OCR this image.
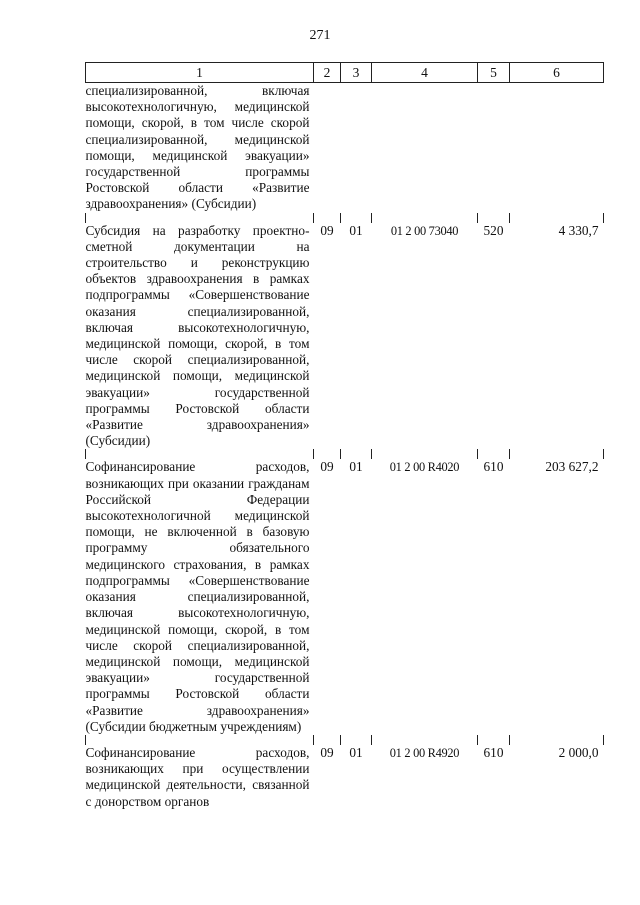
271
1	2	3	4	5	6
специализированной, включая высокотехнологичную, медицинской помощи, скорой, в том числе скорой специализированной, медицинской помощи, медицинской эвакуации» государственной программы Ростовской области «Развитие здравоохранения» (Субсидии)					

Субсидия на разработку проектно-сметной документации на строительство и реконструкцию объектов здравоохранения в рамках подпрограммы «Совершенствование оказания специализированной, включая высокотехнологичную, медицинской помощи, скорой, в том числе скорой специализированной, медицинской помощи, медицинской эвакуации» государственной программы Ростовской области «Развитие здравоохранения» (Субсидии)	09	01	01 2 00 73040	520	4 330,7

Софинансирование расходов, возникающих при оказании гражданам Российской Федерации высокотехнологичной медицинской помощи, не включенной в базовую программу обязательного медицинского страхования, в рамках подпрограммы «Совершенствование оказания специализированной, включая высокотехнологичную, медицинской помощи, скорой, в том числе скорой специализированной, медицинской помощи, медицинской эвакуации» государственной программы Ростовской области «Развитие здравоохранения» (Субсидии бюджетным учреждениям)	09	01	01 2 00 R4020	610	203 627,2

Софинансирование расходов, возникающих при осуществлении медицинской деятельности, связанной с донорством органов	09	01	01 2 00 R4920	610	2 000,0
